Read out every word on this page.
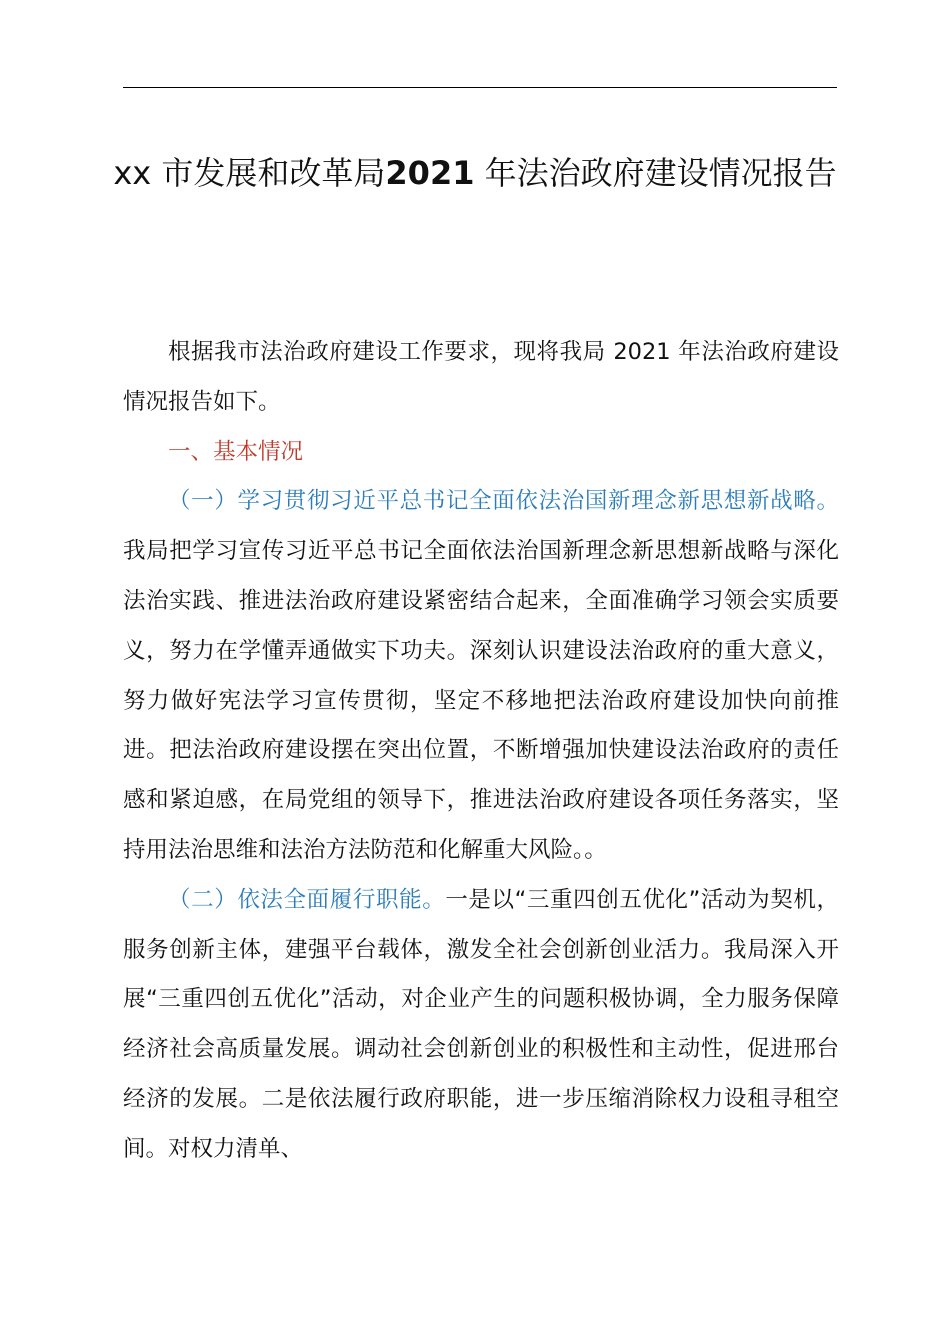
xx 市发展和改革局2021 年法治政府建设情况报告

根据我市法治政府建设工作要求，现将我局 2021 年法治政府建设情况报告如下。

一、基本情况

（一）学习贯彻习近平总书记全面依法治国新理念新思想新战略。我局把学习宣传习近平总书记全面依法治国新理念新思想新战略与深化法治实践、推进法治政府建设紧密结合起来，全面准确学习领会实质要义，努力在学懂弄通做实下功夫。深刻认识建设法治政府的重大意义，努力做好宪法学习宣传贯彻，坚定不移地把法治政府建设加快向前推进。把法治政府建设摆在突出位置，不断增强加快建设法治政府的责任感和紧迫感，在局党组的领导下，推进法治政府建设各项任务落实，坚持用法治思维和法治方法防范和化解重大风险。。

（二）依法全面履行职能。一是以“三重四创五优化”活动为契机，服务创新主体，建强平台载体，激发全社会创新创业活力。我局深入开展“三重四创五优化”活动，对企业产生的问题积极协调，全力服务保障经济社会高质量发展。调动社会创新创业的积极性和主动性，促进邢台经济的发展。二是依法履行政府职能，进一步压缩消除权力设租寻租空间。对权力清单、
